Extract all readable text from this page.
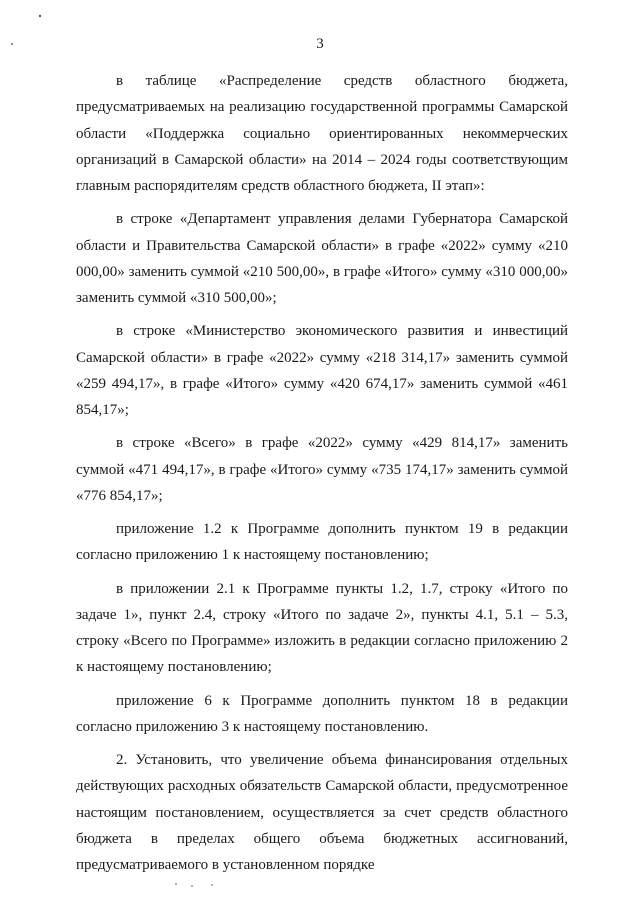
3

в таблице «Распределение средств областного бюджета, предусматриваемых на реализацию государственной программы Самарской области «Поддержка социально ориентированных некоммерческих организаций в Самарской области» на 2014 – 2024 годы соответствующим главным распорядителям средств областного бюджета, II этап»:

в строке «Департамент управления делами Губернатора Самарской области и Правительства Самарской области» в графе «2022» сумму «210 000,00» заменить суммой «210 500,00», в графе «Итого» сумму «310 000,00» заменить суммой «310 500,00»;

в строке «Министерство экономического развития и инвестиций Самарской области» в графе «2022» сумму «218 314,17» заменить суммой «259 494,17», в графе «Итого» сумму «420 674,17» заменить суммой «461 854,17»;

в строке «Всего» в графе «2022» сумму «429 814,17» заменить суммой «471 494,17», в графе «Итого» сумму «735 174,17» заменить суммой «776 854,17»;

приложение 1.2 к Программе дополнить пунктом 19 в редакции согласно приложению 1 к настоящему постановлению;

в приложении 2.1 к Программе пункты 1.2, 1.7, строку «Итого по задаче 1», пункт 2.4, строку «Итого по задаче 2», пункты 4.1, 5.1 – 5.3, строку «Всего по Программе» изложить в редакции согласно приложению 2 к настоящему постановлению;

приложение 6 к Программе дополнить пунктом 18 в редакции согласно приложению 3 к настоящему постановлению.

2. Установить, что увеличение объема финансирования отдельных действующих расходных обязательств Самарской области, предусмотренное настоящим постановлением, осуществляется за счет средств областного бюджета в пределах общего объема бюджетных ассигнований, предусматриваемого в установленном порядке
